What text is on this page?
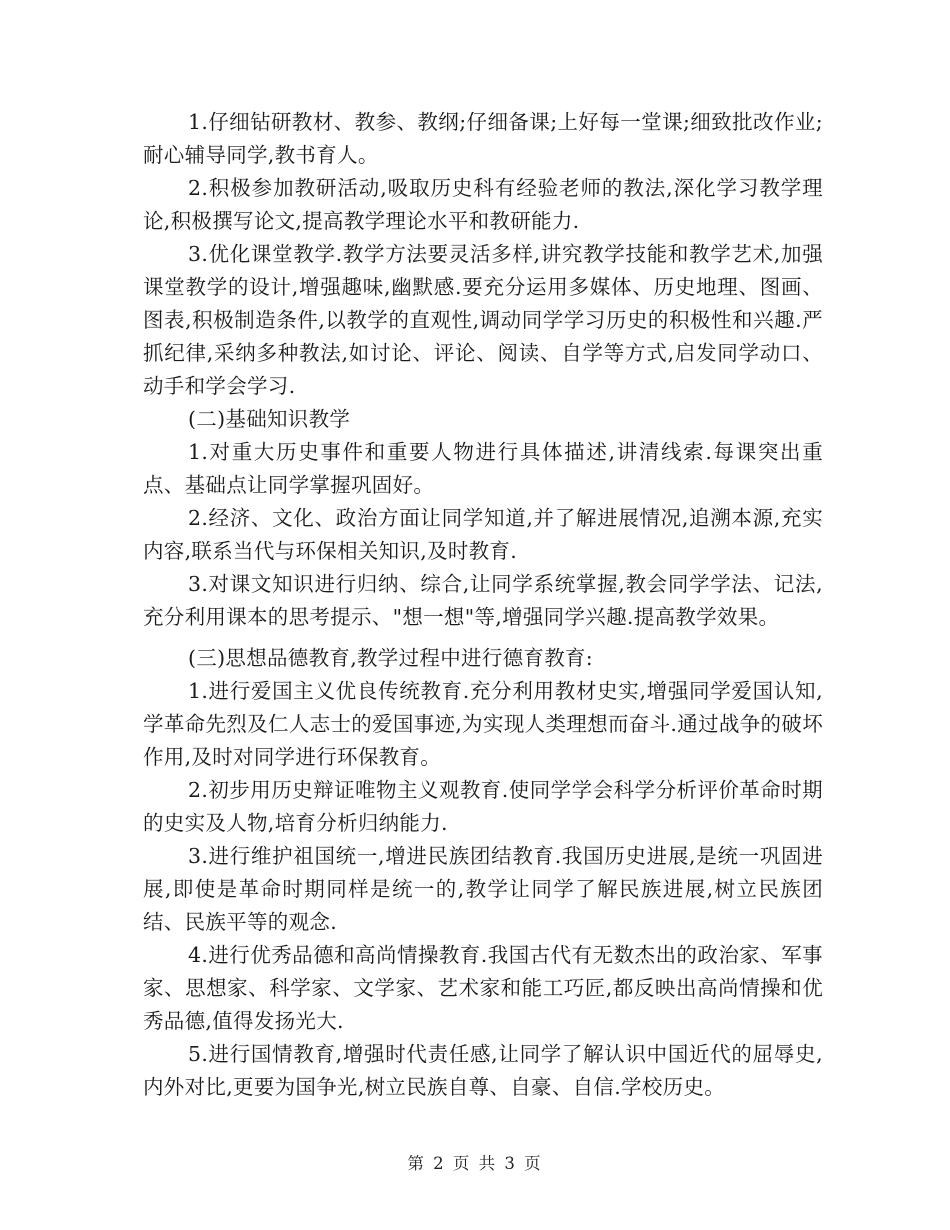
1.仔细钻研教材、教参、教纲;仔细备课;上好每一堂课;细致批改作业;耐心辅导同学,教书育人。

2.积极参加教研活动,吸取历史科有经验老师的教法,深化学习教学理论,积极撰写论文,提高教学理论水平和教研能力.

3.优化课堂教学.教学方法要灵活多样,讲究教学技能和教学艺术,加强课堂教学的设计,增强趣味,幽默感.要充分运用多媒体、历史地理、图画、图表,积极制造条件,以教学的直观性,调动同学学习历史的积极性和兴趣.严抓纪律,采纳多种教法,如讨论、评论、阅读、自学等方式,启发同学动口、动手和学会学习.

(二)基础知识教学

1.对重大历史事件和重要人物进行具体描述,讲清线索.每课突出重点、基础点让同学掌握巩固好。

2.经济、文化、政治方面让同学知道,并了解进展情况,追溯本源,充实内容,联系当代与环保相关知识,及时教育.

3.对课文知识进行归纳、综合,让同学系统掌握,教会同学学法、记法,充分利用课本的思考提示、"想一想"等,增强同学兴趣.提高教学效果。

(三)思想品德教育,教学过程中进行德育教育:

1.进行爱国主义优良传统教育.充分利用教材史实,增强同学爱国认知,学革命先烈及仁人志士的爱国事迹,为实现人类理想而奋斗.通过战争的破坏作用,及时对同学进行环保教育。

2.初步用历史辩证唯物主义观教育.使同学学会科学分析评价革命时期的史实及人物,培育分析归纳能力.

3.进行维护祖国统一,增进民族团结教育.我国历史进展,是统一巩固进展,即使是革命时期同样是统一的,教学让同学了解民族进展,树立民族团结、民族平等的观念.

4.进行优秀品德和高尚情操教育.我国古代有无数杰出的政治家、军事家、思想家、科学家、文学家、艺术家和能工巧匠,都反映出高尚情操和优秀品德,值得发扬光大.

5.进行国情教育,增强时代责任感,让同学了解认识中国近代的屈辱史,内外对比,更要为国争光,树立民族自尊、自豪、自信.学校历史。

第 2 页 共 3 页
